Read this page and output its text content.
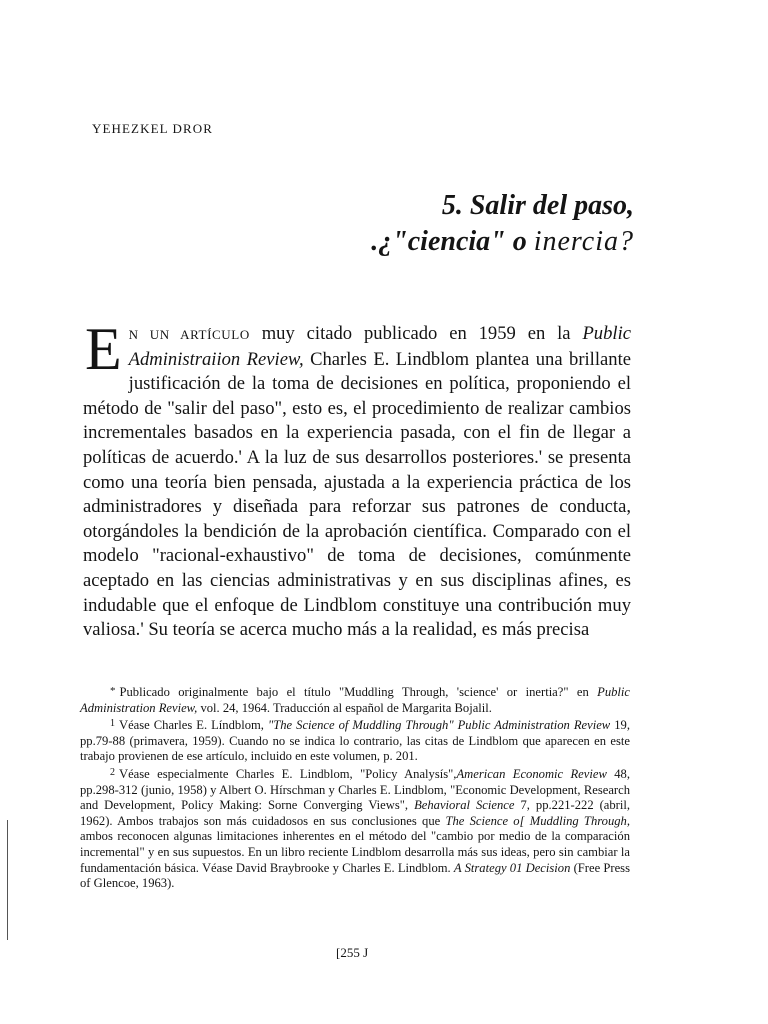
YEHEZKEL DROR
5. Salir del paso,
.¿"ciencia" o inercia?
EN UN ARTÍCULO muy citado publicado en 1959 en la Public Administraiion Review, Charles E. Lindblom plantea una brillante justificación de la toma de decisiones en política, proponiendo el método de "salir del paso", esto es, el procedimiento de realizar cambios incrementales basados en la experiencia pasada, con el fin de llegar a políticas de acuerdo.' A la luz de sus desarrollos posteriores.' se presenta como una teoría bien pensada, ajustada a la experiencia práctica de los administradores y diseñada para reforzar sus patrones de conducta, otorgándoles la bendición de la aprobación científica. Comparado con el modelo "racional-exhaustivo" de toma de decisiones, comúnmente aceptado en las ciencias administrativas y en sus disciplinas afines, es indudable que el enfoque de Lindblom constituye una contribución muy valiosa.' Su teoría se acerca mucho más a la realidad, es más precisa

* Publicado originalmente bajo el título "Muddling Through, 'science' or inertia?" en Public Administration Review, vol. 24, 1964. Traducción al español de Margarita Bojalil.

$^1$ Véase Charles E. Líndblom, "The Science of Muddling Through" Public Administration Review 19, pp.79-88 (primavera, 1959). Cuando no se indica lo contrario, las citas de Lindblom que aparecen en este trabajo provienen de ese artículo, incluido en este volumen, p. 201.

$^2$ Véase especialmente Charles E. Lindblom, "Policy Analysís",American Economic Review 48, pp.298-312 (junio, 1958) y Albert O. Hírschman y Charles E. Lindblom, "Economic Development, Research and Development, Policy Making: Sorne Converging Views", Behavioral Science 7, pp.221-222 (abril, 1962). Ambos trabajos son más cuidadosos en sus conclusiones que The Science o[ Muddling Through, ambos reconocen algunas limitaciones inherentes en el método del "cambio por medio de la comparación incremental" y en sus supuestos. En un libro reciente Lindblom desarrolla más sus ideas, pero sin cambiar la fundamentación básica. Véase David Braybrooke y Charles E. Lindblom. A Strategy 01 Decision (Free Press of Glencoe, 1963).

[255 J
